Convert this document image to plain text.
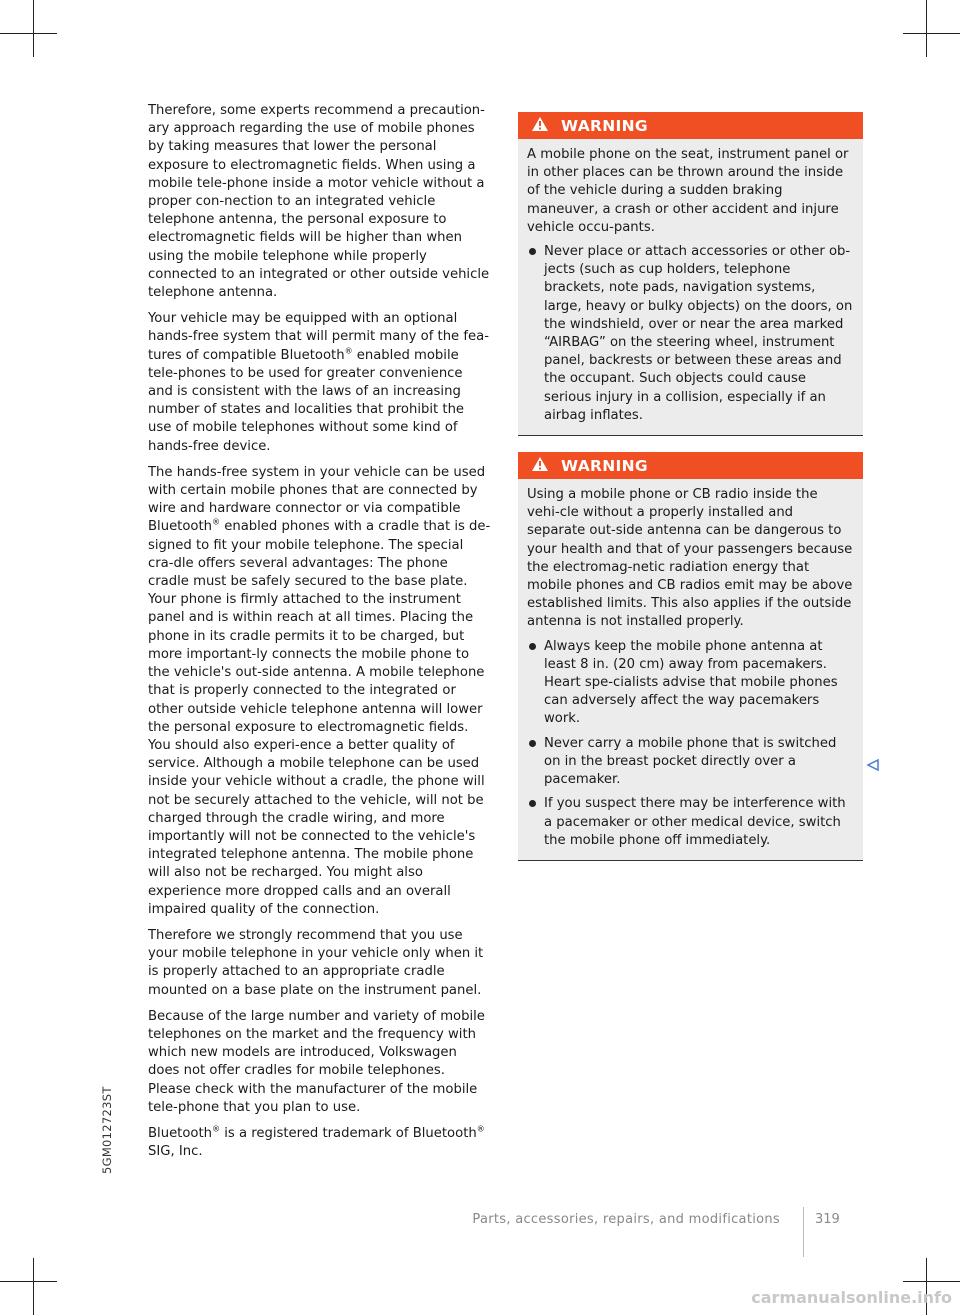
Therefore, some experts recommend a precaution-ary approach regarding the use of mobile phones by taking measures that lower the personal exposure to electromagnetic fields. When using a mobile tele-phone inside a motor vehicle without a proper con-nection to an integrated vehicle telephone antenna, the personal exposure to electromagnetic fields will be higher than when using the mobile telephone while properly connected to an integrated or other outside vehicle telephone antenna.

Your vehicle may be equipped with an optional hands-free system that will permit many of the fea-tures of compatible Bluetooth® enabled mobile tele-phones to be used for greater convenience and is consistent with the laws of an increasing number of states and localities that prohibit the use of mobile telephones without some kind of hands-free device.

The hands-free system in your vehicle can be used with certain mobile phones that are connected by wire and hardware connector or via compatible Bluetooth® enabled phones with a cradle that is de-signed to fit your mobile telephone. The special cra-dle offers several advantages: The phone cradle must be safely secured to the base plate. Your phone is firmly attached to the instrument panel and is within reach at all times. Placing the phone in its cradle permits it to be charged, but more important-ly connects the mobile phone to the vehicle's out-side antenna. A mobile telephone that is properly connected to the integrated or other outside vehicle telephone antenna will lower the personal exposure to electromagnetic fields. You should also experi-ence a better quality of service. Although a mobile telephone can be used inside your vehicle without a cradle, the phone will not be securely attached to the vehicle, will not be charged through the cradle wiring, and more importantly will not be connected to the vehicle's integrated telephone antenna. The mobile phone will also not be recharged. You might also experience more dropped calls and an overall impaired quality of the connection.

Therefore we strongly recommend that you use your mobile telephone in your vehicle only when it is properly attached to an appropriate cradle mounted on a base plate on the instrument panel.

Because of the large number and variety of mobile telephones on the market and the frequency with which new models are introduced, Volkswagen does not offer cradles for mobile telephones. Please check with the manufacturer of the mobile tele-phone that you plan to use.

Bluetooth® is a registered trademark of Bluetooth®
SIG, Inc.

WARNING

A mobile phone on the seat, instrument panel or in other places can be thrown around the inside of the vehicle during a sudden braking maneuver, a crash or other accident and injure vehicle occu-pants.

Never place or attach accessories or other ob-jects (such as cup holders, telephone brackets, note pads, navigation systems, large, heavy or bulky objects) on the doors, on the windshield, over or near the area marked “AIRBAG” on the steering wheel, instrument panel, backrests or between these areas and the occupant. Such objects could cause serious injury in a collision, especially if an airbag inflates.
WARNING

Using a mobile phone or CB radio inside the vehi-cle without a properly installed and separate out-side antenna can be dangerous to your health and that of your passengers because the electromag-netic radiation energy that mobile phones and CB radios emit may be above established limits. This also applies if the outside antenna is not installed properly.

Always keep the mobile phone antenna at least 8 in. (20 cm) away from pacemakers. Heart spe-cialists advise that mobile phones can adversely affect the way pacemakers work.
Never carry a mobile phone that is switched on in the breast pocket directly over a pacemaker.
If you suspect there may be interference with a pacemaker or other medical device, switch the mobile phone off immediately.
5GM012723ST
Parts, accessories, repairs, and modifications	319
carmanualsonline.info
